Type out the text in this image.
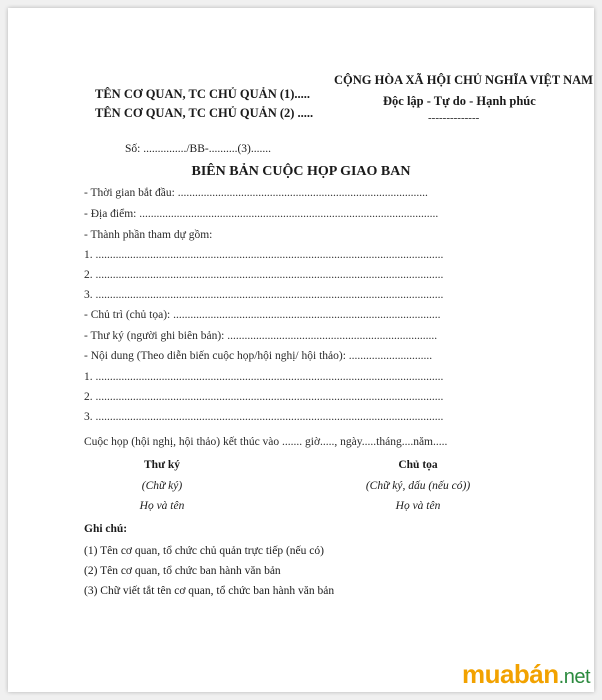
TÊN CƠ QUAN, TC CHỦ QUẢN (1).....
TÊN CƠ QUAN, TC CHỦ QUẢN (2) .....
CỘNG HÒA XÃ HỘI CHỦ NGHĨA VIỆT NAM
Độc lập - Tự do - Hạnh phúc
--------------
Số: .............../BB-..........(3).......
BIÊN BẢN CUỘC HỌP GIAO BAN
- Thời gian bắt đầu: .......................................................................................
- Địa điểm: ........................................................................................................
- Thành phần tham dự gồm:
1. .........................................................................................................................
2. .........................................................................................................................
3. .........................................................................................................................
- Chủ trì (chủ tọa): .............................................................................................
- Thư ký (người ghi biên bản): .........................................................................
- Nội dung (Theo diễn biến cuộc họp/hội nghị/ hội thảo): .............................
1. .........................................................................................................................
2. .........................................................................................................................
3. .........................................................................................................................
Cuộc họp (hội nghị, hội thảo) kết thúc vào ....... giờ....., ngày.....tháng....năm.....
Thư ký
(Chữ ký)
Họ và tên
Chủ tọa
(Chữ ký, dấu (nếu có))
Họ và tên
Ghi chú:
(1) Tên cơ quan, tổ chức chủ quản trực tiếp (nếu có)
(2) Tên cơ quan, tổ chức ban hành văn bản
(3) Chữ viết tắt tên cơ quan, tổ chức ban hành văn bản
muabán.net
